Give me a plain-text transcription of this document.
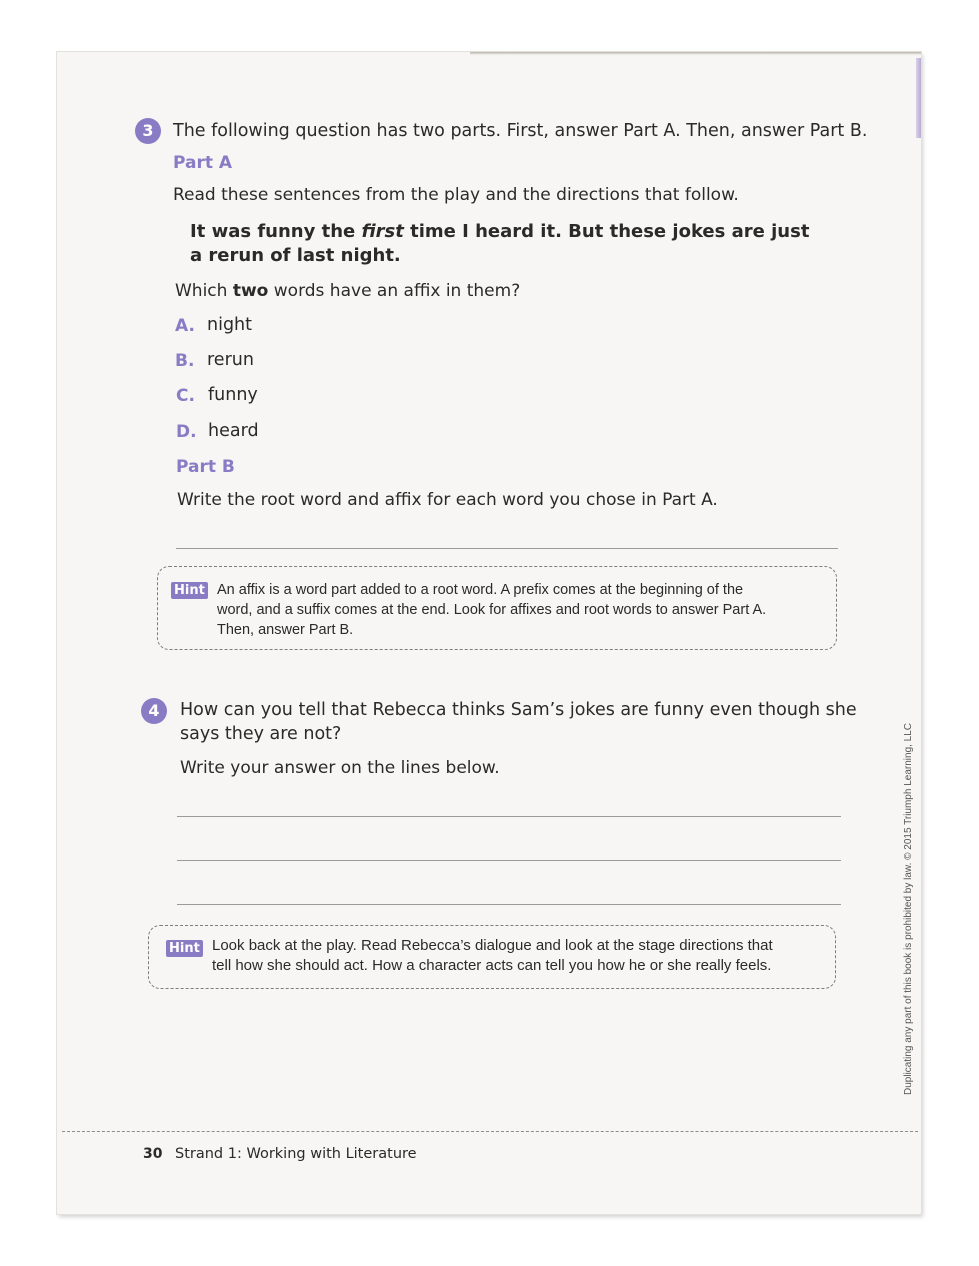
3	The following question has two parts. First, answer Part A. Then, answer Part B.
Part A
Read these sentences from the play and the directions that follow.
It was funny the first time I heard it. But these jokes are just
a rerun of last night.
Which two words have an affix in them?
A. night
B. rerun
C. funny
D. heard
Part B
Write the root word and affix for each word you chose in Part A.
Hint An affix is a word part added to a root word. A prefix comes at the beginning of the
word, and a suffix comes at the end. Look for affixes and root words to answer Part A.
Then, answer Part B.
4	How can you tell that Rebecca thinks Sam’s jokes are funny even though she
says they are not?
Write your answer on the lines below.
Hint Look back at the play. Read Rebecca’s dialogue and look at the stage directions that
tell how she should act. How a character acts can tell you how he or she really feels.	Duplicating any part of this book is prohibited by law. © 2015 Triumph Learning, LLC
30 Strand 1: Working with Literature
